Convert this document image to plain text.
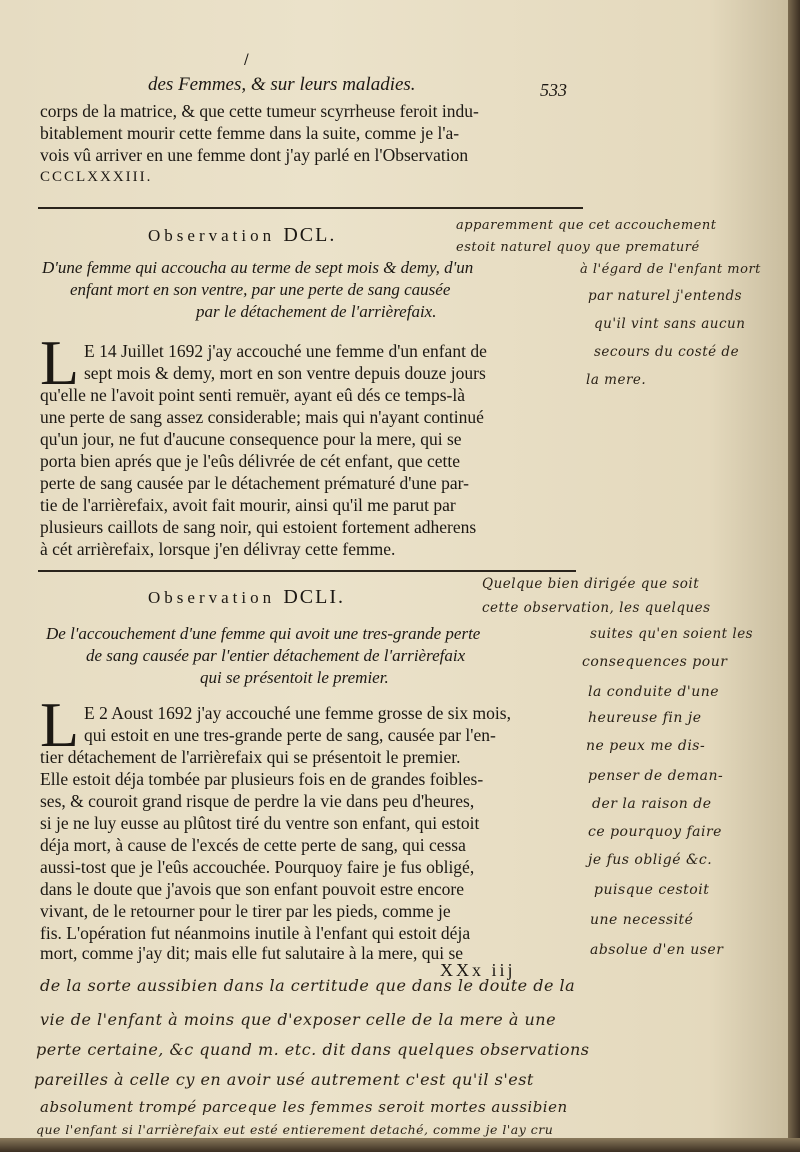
/
des Femmes, & sur leurs maladies.	533
corps de la matrice, & que cette tumeur scyrrheuse feroit indu-
bitablement mourir cette femme dans la suite, comme je l'a-
vois vû arriver en une femme dont j'ay parlé en l'Observation
CCCLXXXIII.
Observation DCL.
D'une femme qui accoucha au terme de sept mois & demy, d'un
enfant mort en son ventre, par une perte de sang causée
par le détachement de l'arrièrefaix.
L E 14 Juillet 1692 j'ay accouché une femme d'un enfant de
sept mois & demy, mort en son ventre depuis douze jours
qu'elle ne l'avoit point senti remuër, ayant eû dés ce temps-là
une perte de sang assez considerable; mais qui n'ayant continué
qu'un jour, ne fut d'aucune consequence pour la mere, qui se
porta bien aprés que je l'eûs délivrée de cét enfant, que cette
perte de sang causée par le détachement prématuré d'une par-
tie de l'arrièrefaix, avoit fait mourir, ainsi qu'il me parut par
plusieurs caillots de sang noir, qui estoient fortement adherens
à cét arrièrefaix, lorsque j'en délivray cette femme.
Observation DCLI.
De l'accouchement d'une femme qui avoit une tres-grande perte
de sang causée par l'entier détachement de l'arrièrefaix
qui se présentoit le premier.
L E 2 Aoust 1692 j'ay accouché une femme grosse de six mois,
qui estoit en une tres-grande perte de sang, causée par l'en-
tier détachement de l'arrièrefaix qui se présentoit le premier.
Elle estoit déja tombée par plusieurs fois en de grandes foibles-
ses, & couroit grand risque de perdre la vie dans peu d'heures,
si je ne luy eusse au plûtost tiré du ventre son enfant, qui estoit
déja mort, à cause de l'excés de cette perte de sang, qui cessa
aussi-tost que je l'eûs accouchée. Pourquoy faire je fus obligé,
dans le doute que j'avois que son enfant pouvoit estre encore
vivant, de le retourner pour le tirer par les pieds, comme je
fis. L'opération fut néanmoins inutile à l'enfant qui estoit déja
mort, comme j'ay dit; mais elle fut salutaire à la mere, qui se
XXx iij
apparemment que cet accouchement
estoit naturel quoy que prematuré
à l'égard de l'enfant mort
par naturel j'entends
qu'il vint sans aucun
secours du costé de
la mere.
Quelque bien dirigée que soit
cette observation, les quelques
suites qu'en soient les
consequences pour
la conduite d'une
heureuse fin je
ne peux me dis-
penser de deman-
der la raison de
ce pourquoy faire
je fus obligé &c.
puisque cestoit
une necessité
absolue d'en user
de la sorte aussibien dans la certitude que dans le doute de la
vie de l'enfant à moins que d'exposer celle de la mere à une
perte certaine, &c quand m. etc. dit dans quelques observations
pareilles à celle cy en avoir usé autrement c'est qu'il s'est
absolument trompé parceque les femmes seroit mortes aussibien
que l'enfant si l'arrièrefaix eut esté entierement detaché, comme je l'ay cru
